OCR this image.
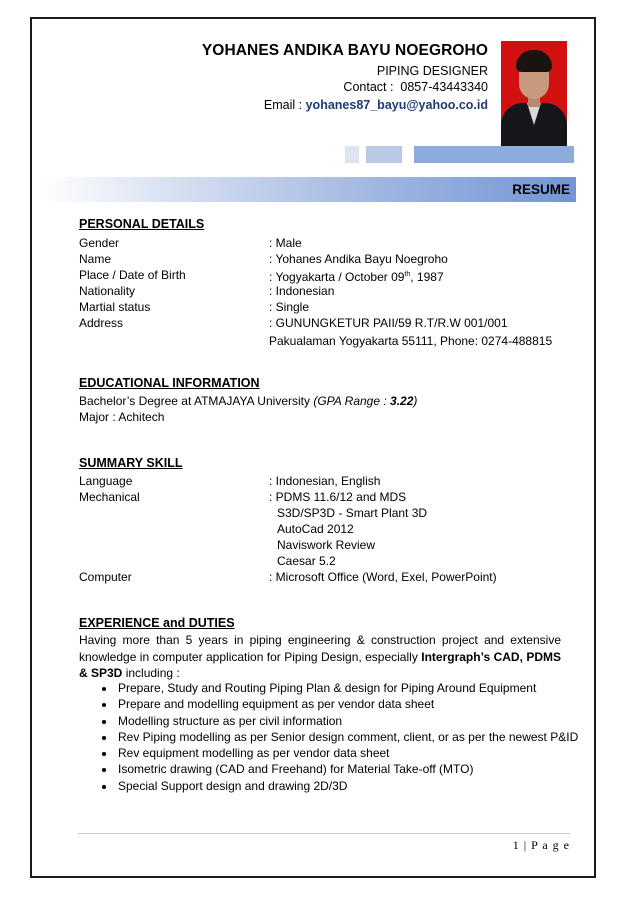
YOHANES ANDIKA BAYU NOEGROHO
PIPING DESIGNER
Contact : 0857-43443340
Email : yohanes87_bayu@yahoo.co.id
RESUME
PERSONAL DETAILS
Gender	: Male
Name	: Yohanes Andika Bayu Noegroho
Place / Date of Birth	: Yogyakarta / October 09th, 1987
Nationality	: Indonesian
Martial status	: Single
Address	: GUNUNGKETUR PAII/59 R.T/R.W 001/001
Pakualaman Yogyakarta 55111, Phone: 0274-488815
EDUCATIONAL INFORMATION
Bachelor’s Degree at ATMAJAYA University (GPA Range : 3.22)
Major : Achitech
SUMMARY SKILL
Language	: Indonesian, English
Mechanical	: PDMS 11.6/12 and MDS
S3D/SP3D - Smart Plant 3D
AutoCad 2012
Naviswork Review
Caesar 5.2
Computer	: Microsoft Office (Word, Exel, PowerPoint)
EXPERIENCE and DUTIES
Having more than 5 years in piping engineering & construction project and extensive knowledge in computer application for Piping Design, especially Intergraph’s CAD, PDMS & SP3D including :
• Prepare, Study and Routing Piping Plan & design for Piping Around Equipment
• Prepare and modelling equipment as per vendor data sheet
• Modelling structure as per civil information
• Rev Piping modelling as per Senior design comment, client, or as per the newest P&ID
• Rev equipment modelling as per vendor data sheet
• Isometric drawing (CAD and Freehand) for Material Take-off (MTO)
• Special Support design and drawing 2D/3D
1 | P a g e
